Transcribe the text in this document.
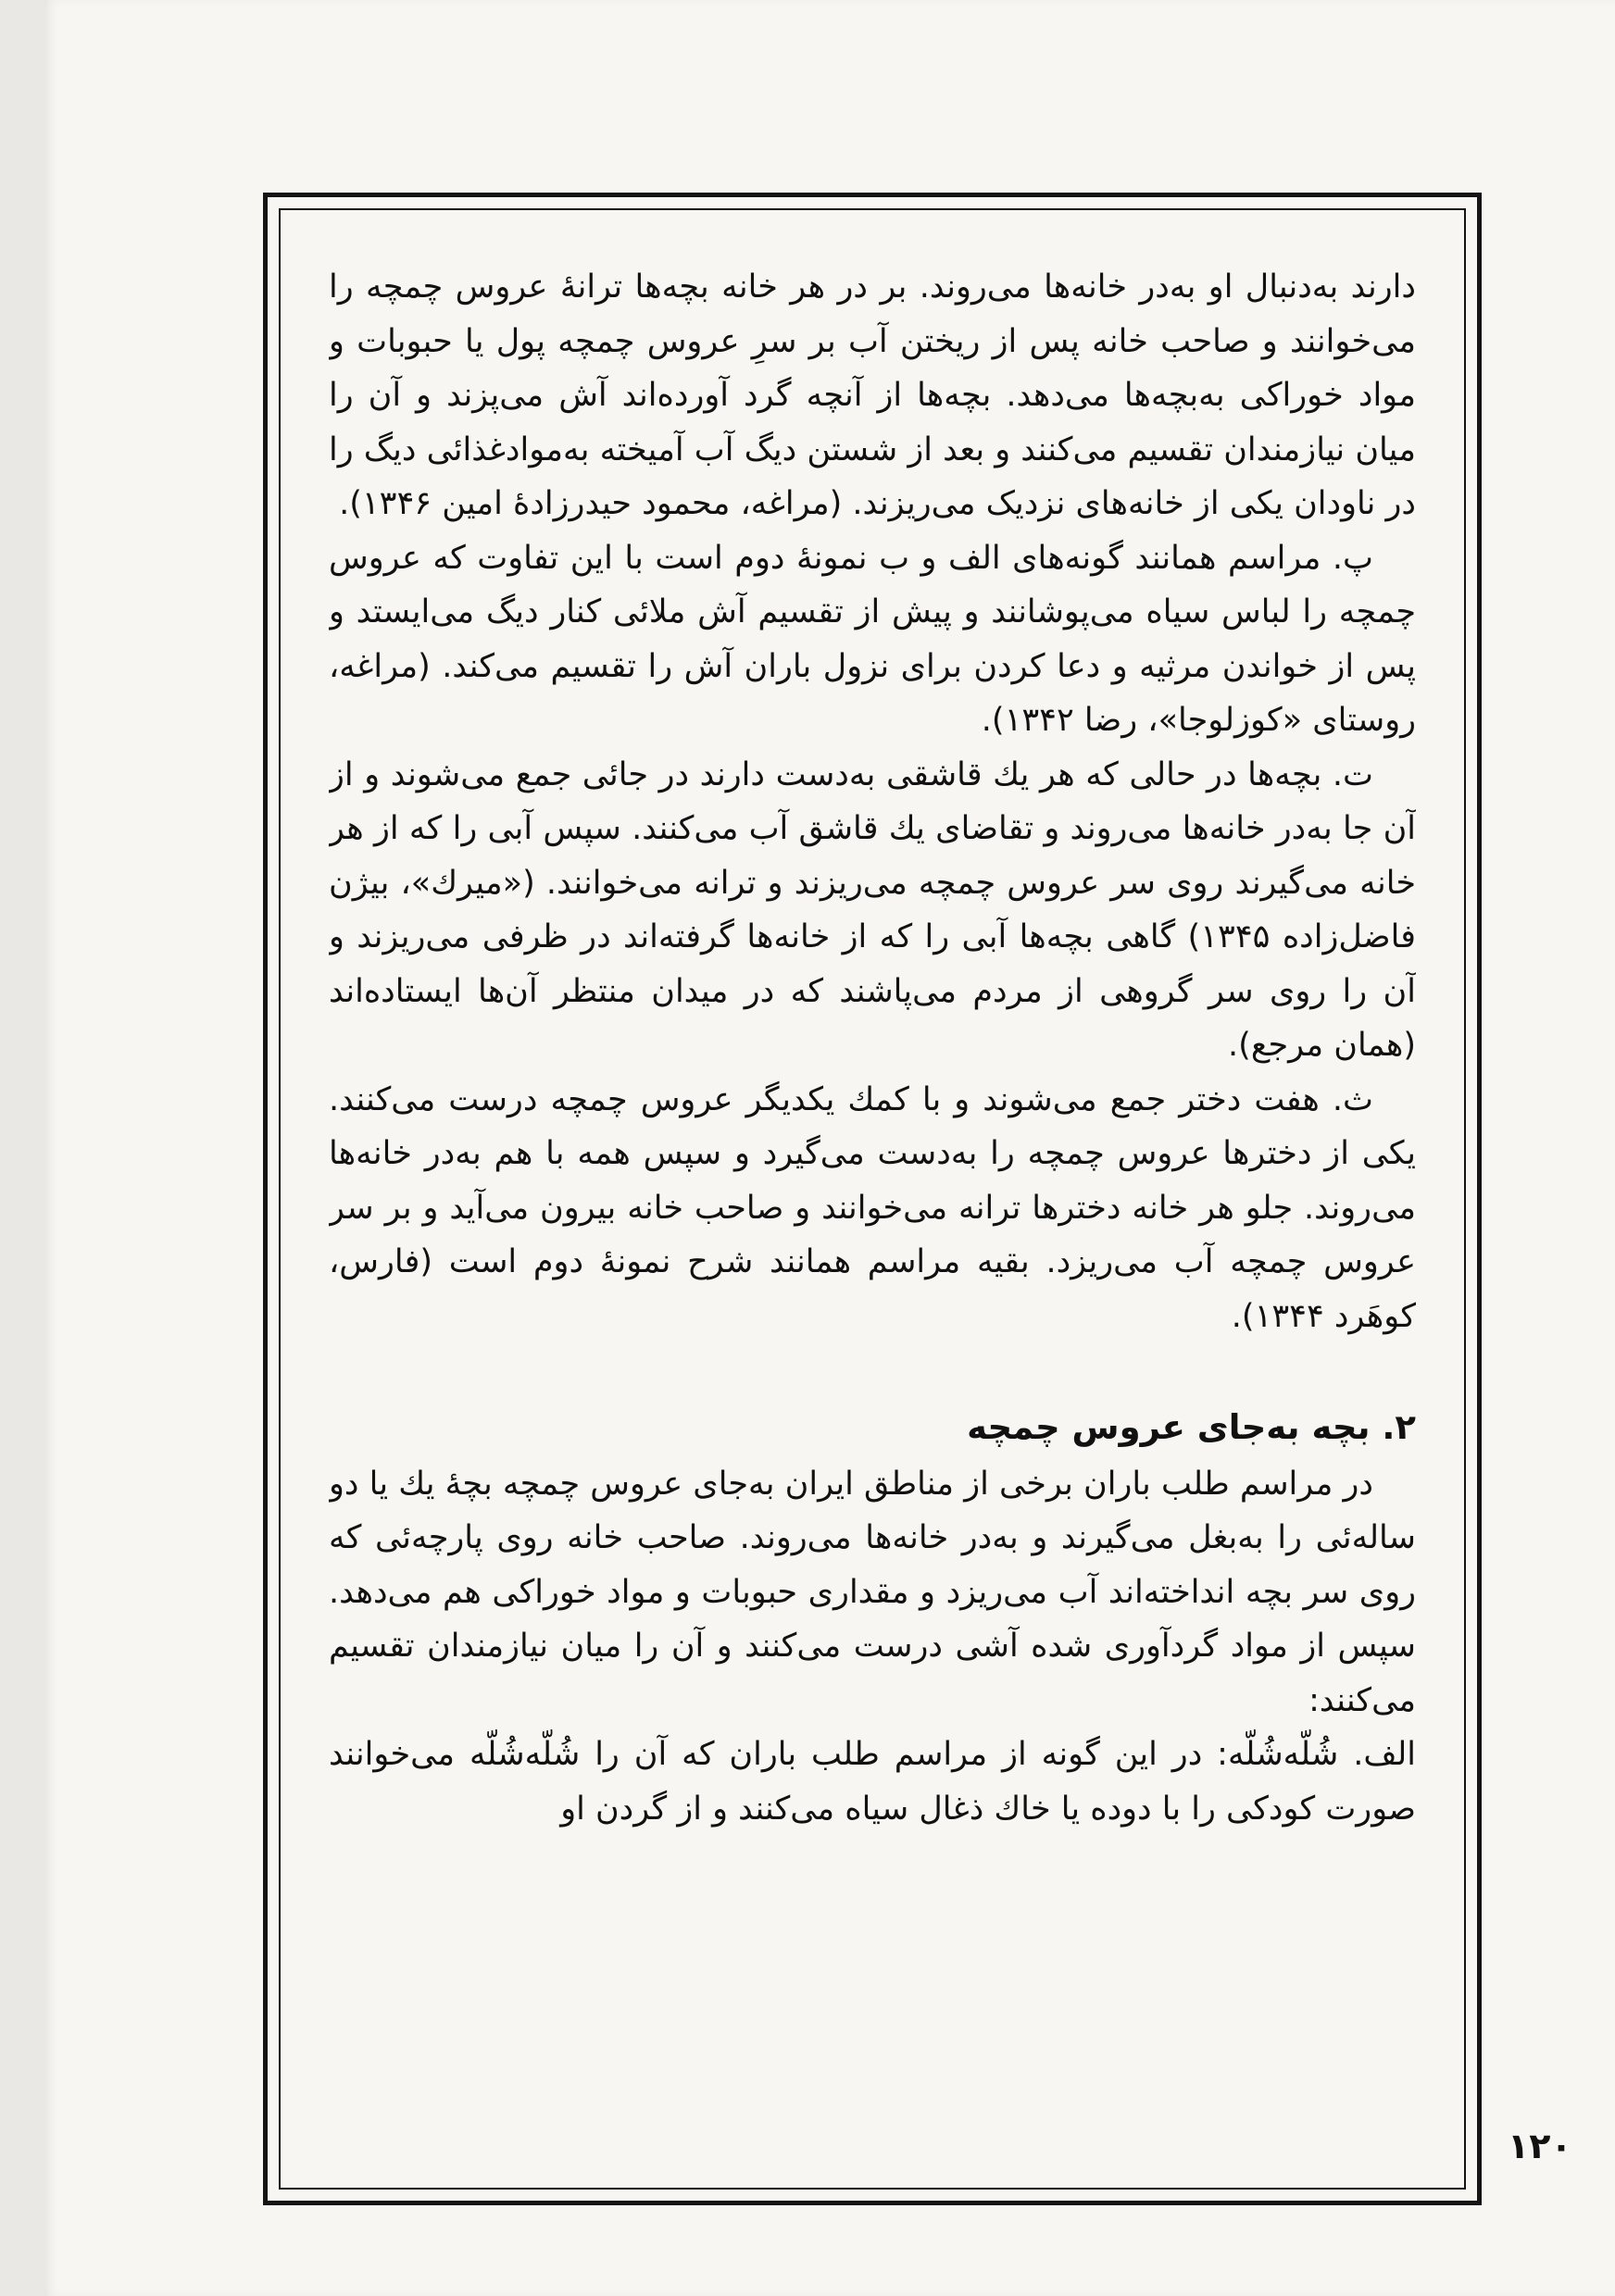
دارند به‌دنبال او به‌در خانه‌ها می‌روند. بر در هر خانه بچه‌ها ترانهٔ عروس چمچه را می‌خوانند و صاحب خانه پس از ریختن آب بر سرِ عروس چمچه پول یا حبوبات و مواد خوراکی به‌بچه‌ها می‌دهد. بچه‌ها از آنچه گرد آورده‌اند آش می‌پزند و آن را میان نیازمندان تقسیم می‌کنند و بعد از شستن دیگ آب آمیخته به‌موادغذائی دیگ را در ناودان یکی از خانه‌های نزدیک می‌ریزند. (مراغه، محمود حیدرزادهٔ امین ۱۳۴۶).

پ. مراسم همانند گونه‌های الف و ب نمونهٔ دوم است با این تفاوت که عروس چمچه را لباس سیاه می‌پوشانند و پیش از تقسیم آش ملائی کنار دیگ می‌ایستد و پس از خواندن مرثیه و دعا کردن برای نزول باران آش را تقسیم می‌کند. (مراغه، روستای «کوزلوجا»، رضا ۱۳۴۲).

ت. بچه‌ها در حالی که هر یك قاشقی به‌دست دارند در جائی جمع می‌شوند و از آن جا به‌در خانه‌ها می‌روند و تقاضای یك قاشق آب می‌کنند. سپس آبی را که از هر خانه می‌گیرند روی سر عروس چمچه می‌ریزند و ترانه می‌خوانند. («میرك»، بیژن فاضل‌زاده ۱۳۴۵) گاهی بچه‌ها آبی را که از خانه‌ها گرفته‌اند در ظرفی می‌ریزند و آن را روی سر گروهی از مردم می‌پاشند که در میدان منتظر آن‌ها ایستاده‌اند (همان مرجع).

ث. هفت دختر جمع می‌شوند و با کمك یکدیگر عروس چمچه درست می‌کنند. یکی از دخترها عروس چمچه را به‌دست می‌گیرد و سپس همه با هم به‌در خانه‌ها می‌روند. جلو هر خانه دخترها ترانه می‌خوانند و صاحب خانه بیرون می‌آید و بر سر عروس چمچه آب می‌ریزد. بقیه مراسم همانند شرح نمونهٔ دوم است (فارس، کوهَرد ۱۳۴۴).

۲. بچه به‌جای عروس چمچه

در مراسم طلب باران برخی از مناطق ایران به‌جای عروس چمچه بچهٔ یك یا دو ساله‌ئی را به‌بغل می‌گیرند و به‌در خانه‌ها می‌روند. صاحب خانه روی پارچه‌ئی که روی سر بچه انداخته‌اند آب می‌ریزد و مقداری حبوبات و مواد خوراکی هم می‌دهد. سپس از مواد گردآوری شده آشی درست می‌کنند و آن را میان نیازمندان تقسیم می‌کنند:

الف. شُلّه‌شُلّه: در این گونه از مراسم طلب باران که آن را شُلّه‌شُلّه می‌خوانند صورت کودکی را با دوده یا خاك ذغال سیاه می‌کنند و از گردن او

۱۲۰
